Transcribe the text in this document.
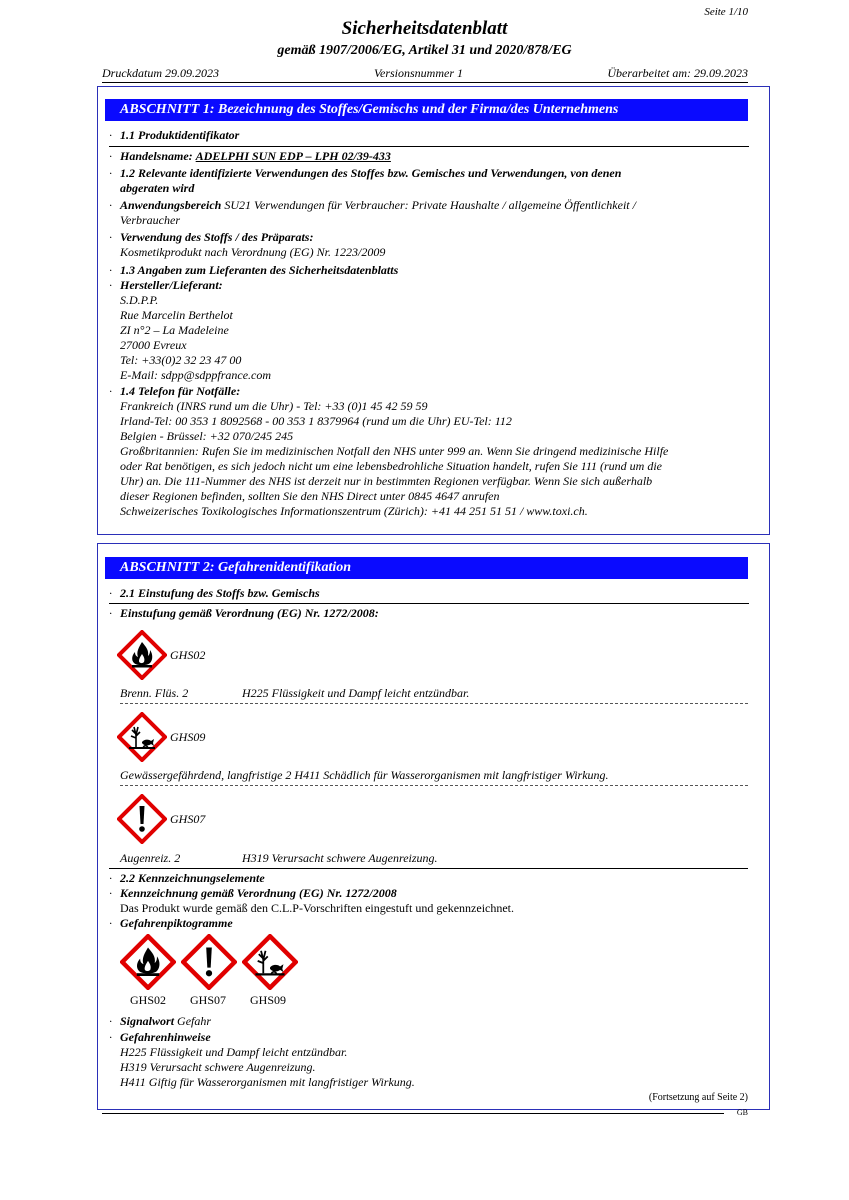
Seite 1/10
Sicherheitsdatenblatt
gemäß 1907/2006/EG, Artikel 31 und 2020/878/EG
Druckdatum 29.09.2023	Versionsnummer 1	Überarbeitet am: 29.09.2023
ABSCHNITT 1: Bezeichnung des Stoffes/Gemischs und der Firma/des Unternehmens
· 1.1 Produktidentifikator
· Handelsname: ADELPHI SUN EDP – LPH 02/39-433
· 1.2 Relevante identifizierte Verwendungen des Stoffes bzw. Gemisches und Verwendungen, von denen
abgeraten wird
· Anwendungsbereich SU21 Verwendungen für Verbraucher: Private Haushalte / allgemeine Öffentlichkeit /
Verbraucher
· Verwendung des Stoffs / des Präparats:
Kosmetikprodukt nach Verordnung (EG) Nr. 1223/2009
· 1.3 Angaben zum Lieferanten des Sicherheitsdatenblatts
· Hersteller/Lieferant:
S.D.P.P.
Rue Marcelin Berthelot
ZI n°2 – La Madeleine
27000 Evreux
Tel: +33(0)2 32 23 47 00
E-Mail: sdpp@sdppfrance.com
· 1.4 Telefon für Notfälle:
Frankreich (INRS rund um die Uhr) - Tel: +33 (0)1 45 42 59 59
Irland-Tel: 00 353 1 8092568 - 00 353 1 8379964 (rund um die Uhr) EU-Tel: 112
Belgien - Brüssel: +32 070/245 245
Großbritannien: Rufen Sie im medizinischen Notfall den NHS unter 999 an. Wenn Sie dringend medizinische Hilfe
oder Rat benötigen, es sich jedoch nicht um eine lebensbedrohliche Situation handelt, rufen Sie 111 (rund um die
Uhr) an. Die 111-Nummer des NHS ist derzeit nur in bestimmten Regionen verfügbar. Wenn Sie sich außerhalb
dieser Regionen befinden, sollten Sie den NHS Direct unter 0845 4647 anrufen
Schweizerisches Toxikologisches Informationszentrum (Zürich): +41 44 251 51 51 / www.toxi.ch.
ABSCHNITT 2: Gefahrenidentifikation
· 2.1 Einstufung des Stoffs bzw. Gemischs
· Einstufung gemäß Verordnung (EG) Nr. 1272/2008:
GHS02
Brenn. Flüs. 2	H225 Flüssigkeit und Dampf leicht entzündbar.
GHS09
Gewässergefährdend, langfristige 2 H411 Schädlich für Wasserorganismen mit langfristiger Wirkung.
GHS07
Augenreiz. 2	H319 Verursacht schwere Augenreizung.
· 2.2 Kennzeichnungselemente
· Kennzeichnung gemäß Verordnung (EG) Nr. 1272/2008
Das Produkt wurde gemäß den C.L.P-Vorschriften eingestuft und gekennzeichnet.
· Gefahrenpiktogramme
GHS02 GHS07 GHS09
· Signalwort Gefahr
· Gefahrenhinweise
H225 Flüssigkeit und Dampf leicht entzündbar.
H319 Verursacht schwere Augenreizung.
H411 Giftig für Wasserorganismen mit langfristiger Wirkung.
(Fortsetzung auf Seite 2)
GB
